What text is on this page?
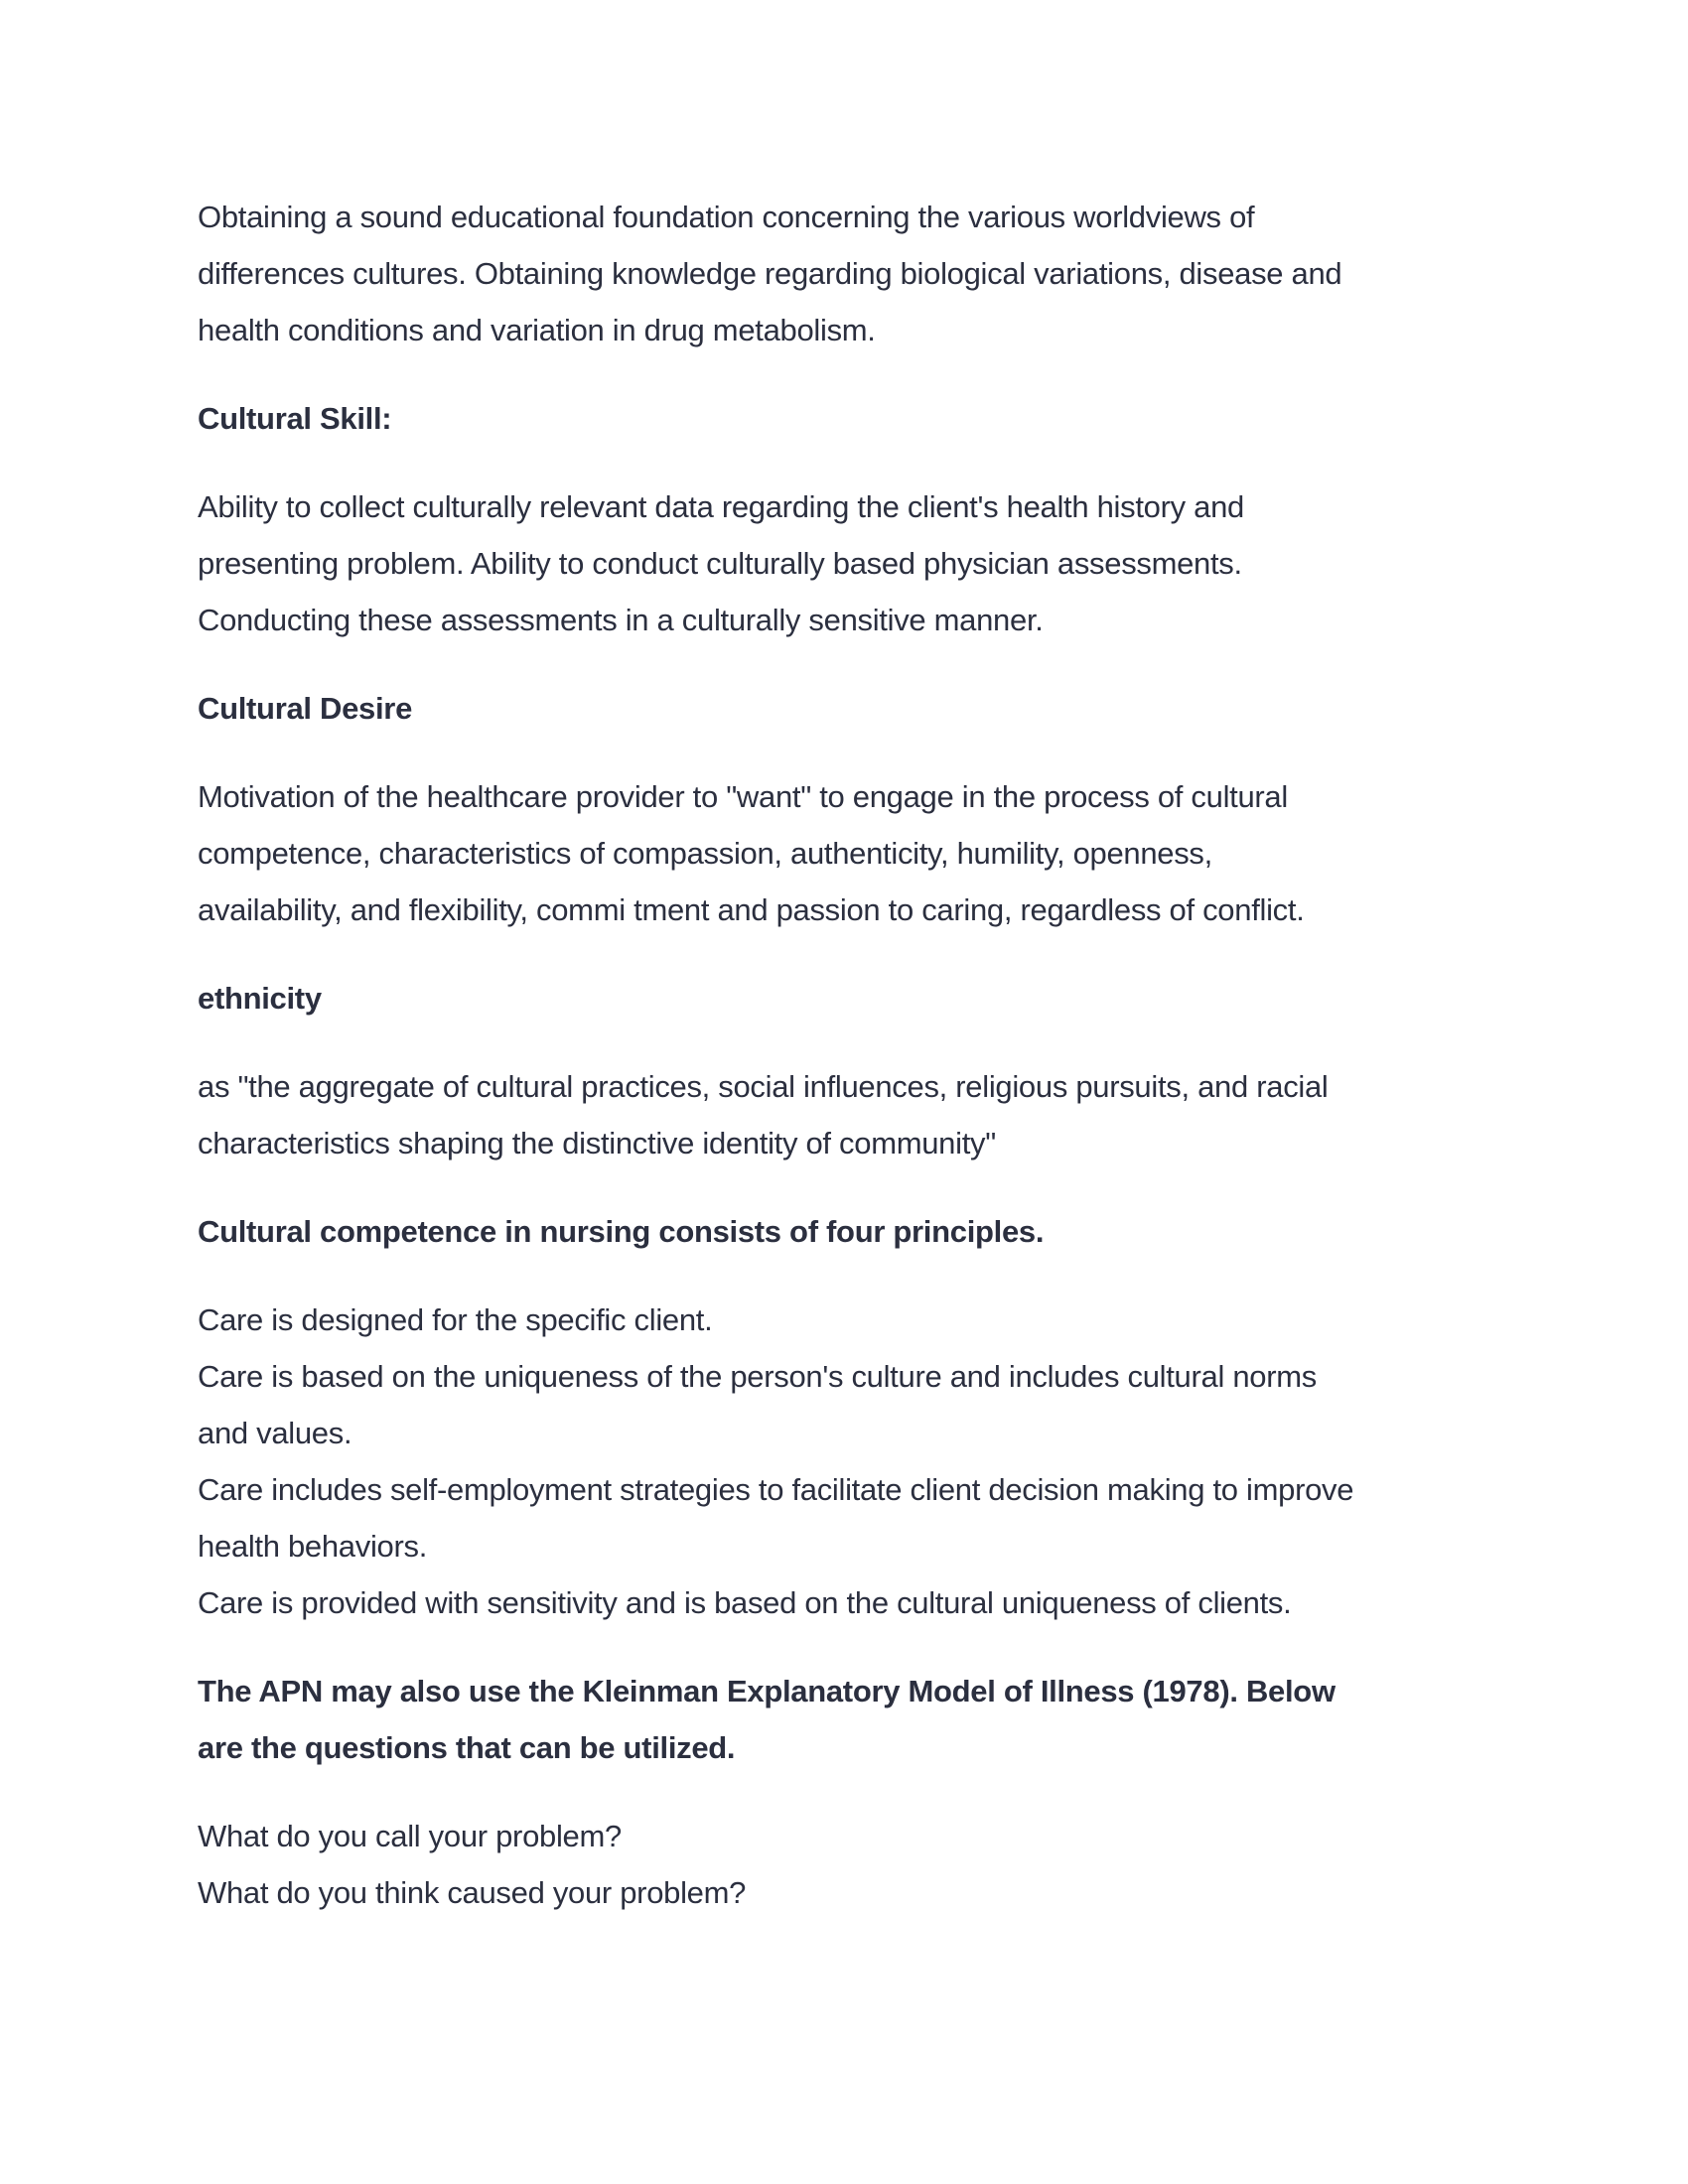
Obtaining a sound educational foundation concerning the various worldviews of
differences cultures. Obtaining knowledge regarding biological variations, disease and
health conditions and variation in drug metabolism.
Cultural Skill:
Ability to collect culturally relevant data regarding the client's health history and
presenting problem. Ability to conduct culturally based physician assessments.
Conducting these assessments in a culturally sensitive manner.
Cultural Desire
Motivation of the healthcare provider to "want" to engage in the process of cultural
competence, characteristics of compassion, authenticity, humility, openness,
availability, and flexibility, commi tment and passion to caring, regardless of conflict.
ethnicity
as "the aggregate of cultural practices, social influences, religious pursuits, and racial
characteristics shaping the distinctive identity of community"
Cultural competence in nursing consists of four principles.
Care is designed for the specific client.
Care is based on the uniqueness of the person's culture and includes cultural norms
and values.
Care includes self-employment strategies to facilitate client decision making to improve
health behaviors.
Care is provided with sensitivity and is based on the cultural uniqueness of clients.
The APN may also use the Kleinman Explanatory Model of Illness (1978). Below
are the questions that can be utilized.
What do you call your problem?
What do you think caused your problem?
